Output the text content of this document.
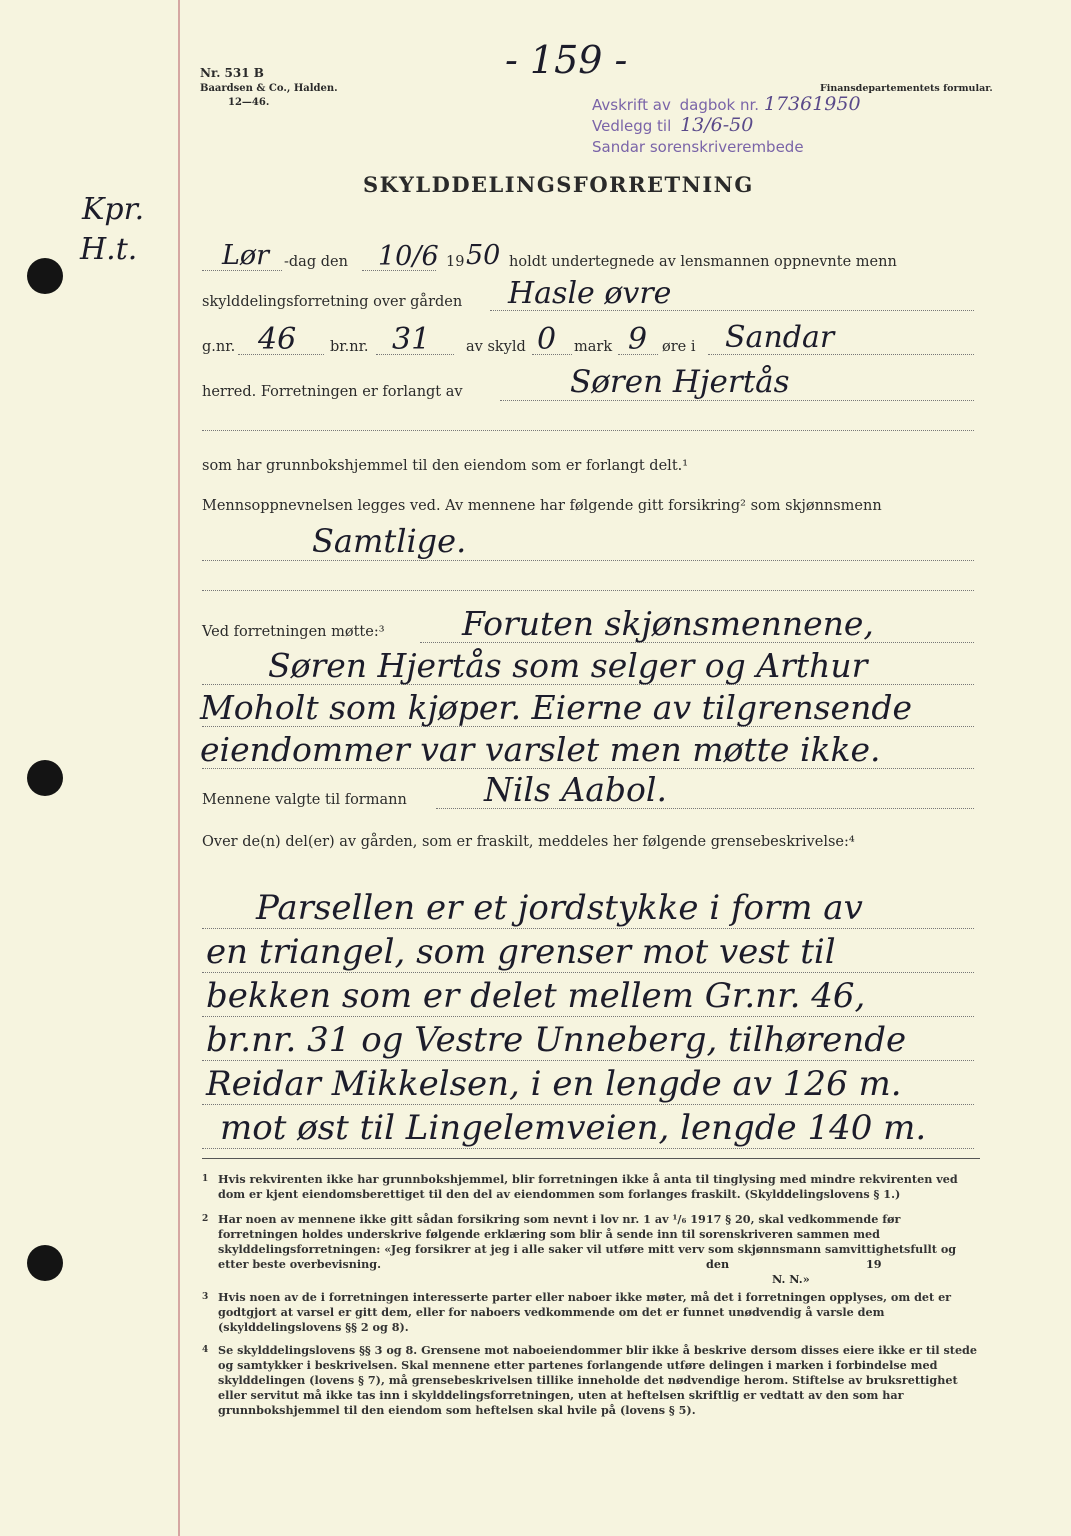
Nr. 531 B
Baardsen & Co., Halden.
12—46.
- 159 -
Finansdepartementets formular.
Avskrift av dagbok nr. 17361950
Vedlegg til 13/6-50
Sandar sorenskriverembede
Kpr.
H.t.
SKYLDDELINGSFORRETNING
Lør -dag den 10/6 19 50 holdt undertegnede av lensmannen oppnevnte menn
skylddelingsforretning over gården Hasle øvre
g.nr. 46 br.nr. 31 av skyld 0 mark 9 øre i Sandar
herred. Forretningen er forlangt av	Søren Hjertås
som har grunnbokshjemmel til den eiendom som er forlangt delt.¹
Mennsoppnevnelsen legges ved. Av mennene har følgende gitt forsikring² som skjønnsmenn
Samtlige.
Ved forretningen møtte:³ Foruten skjønsmennene,
Søren Hjertås som selger og Arthur
Moholt som kjøper. Eierne av tilgrensende
eiendommer var varslet men møtte ikke.
Mennene valgte til formann Nils Aabol.
Over de(n) del(er) av gården, som er fraskilt, meddeles her følgende grensebeskrivelse:⁴
Parsellen er et jordstykke i form av
en triangel, som grenser mot vest til
bekken som er delet mellem Gr.nr. 46,
br.nr. 31 og Vestre Unneberg, tilhørende
Reidar Mikkelsen, i en lengde av 126 m.
mot øst til Lingelemveien, lengde 140 m.
1 Hvis rekvirenten ikke har grunnbokshjemmel, blir forretningen ikke å anta til tinglysing med mindre rekvirenten ved dom er kjent eiendomsberettiget til den del av eiendommen som forlanges fraskilt. (Skylddelingslovens § 1.)
2 Har noen av mennene ikke gitt sådan forsikring som nevnt i lov nr. 1 av ¹/₆ 1917 § 20, skal vedkommende før forretningen holdes underskrive følgende erklæring som blir å sende inn til sorenskriveren sammen med skylddelingsforretningen: «Jeg forsikrer at jeg i alle saker vil utføre mitt verv som skjønnsmann samvittighetsfullt og etter beste overbevisning.	den	19
N. N.»
3 Hvis noen av de i forretningen interesserte parter eller naboer ikke møter, må det i forretningen opplyses, om det er godtgjort at varsel er gitt dem, eller for naboers vedkommende om det er funnet unødvendig å varsle dem (skylddelingslovens §§ 2 og 8).
4 Se skylddelingslovens §§ 3 og 8. Grensene mot naboeiendommer blir ikke å beskrive dersom disses eiere ikke er til stede og samtykker i beskrivelsen. Skal mennene etter partenes forlangende utføre delingen i marken i forbindelse med skylddelingen (lovens § 7), må grensebeskrivelsen tillike inneholde det nødvendige herom. Stiftelse av bruksrettighet eller servitut må ikke tas inn i skylddelingsforretningen, uten at heftelsen skriftlig er vedtatt av den som har grunnbokshjemmel til den eiendom som heftelsen skal hvile på (lovens § 5).
